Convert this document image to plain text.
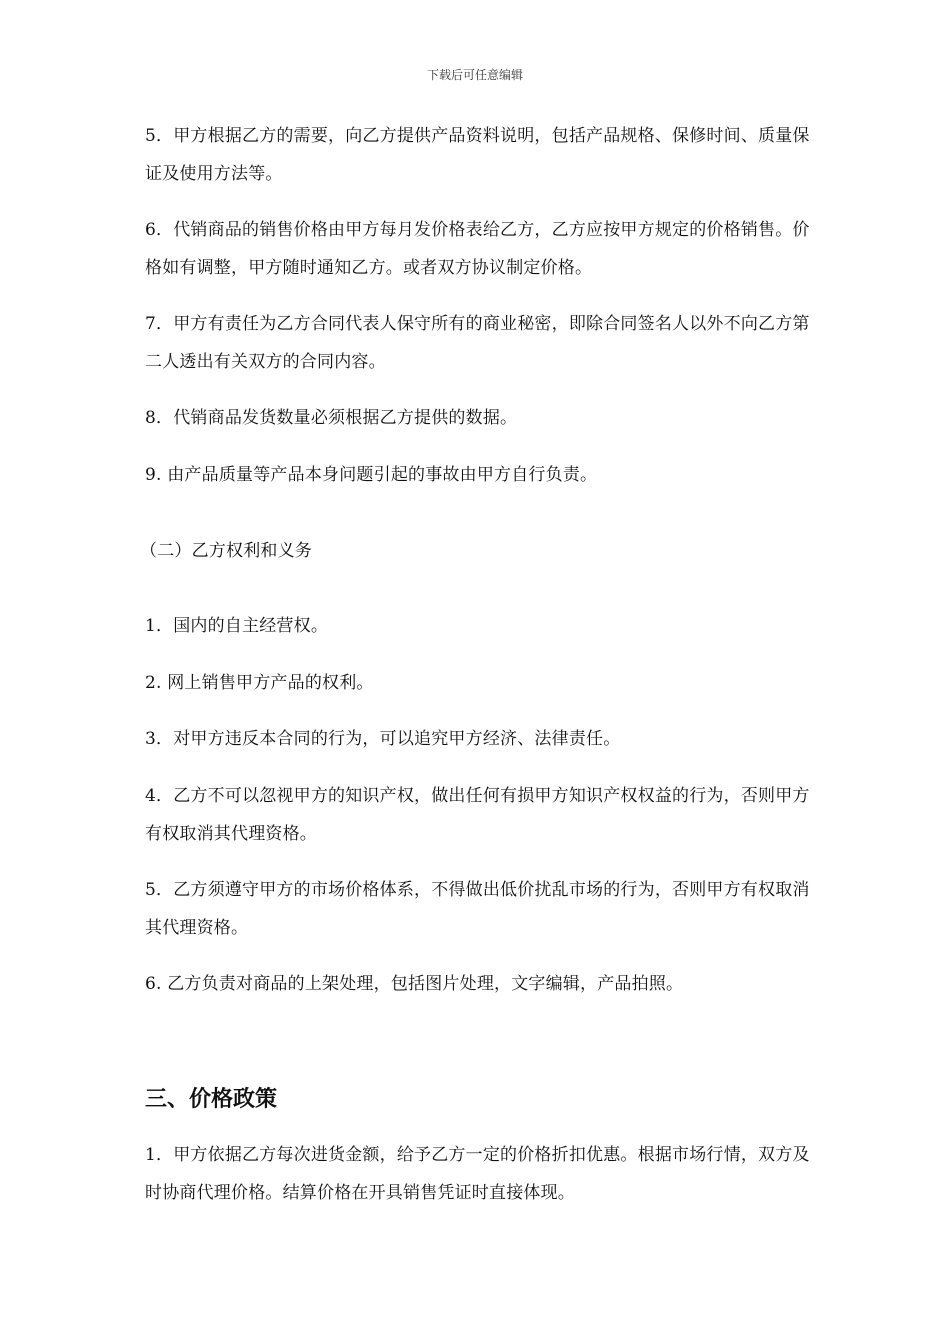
下载后可任意编辑

5．甲方根据乙方的需要，向乙方提供产品资料说明，包括产品规格、保修时间、质量保证及使用方法等。

6．代销商品的销售价格由甲方每月发价格表给乙方，乙方应按甲方规定的价格销售。价格如有调整，甲方随时通知乙方。或者双方协议制定价格。

7．甲方有责任为乙方合同代表人保守所有的商业秘密，即除合同签名人以外不向乙方第二人透出有关双方的合同内容。

8．代销商品发货数量必须根据乙方提供的数据。

9. 由产品质量等产品本身问题引起的事故由甲方自行负责。

（二）乙方权利和义务

1．国内的自主经营权。

2. 网上销售甲方产品的权利。

3．对甲方违反本合同的行为，可以追究甲方经济、法律责任。

4．乙方不可以忽视甲方的知识产权，做出任何有损甲方知识产权权益的行为，否则甲方有权取消其代理资格。

5．乙方须遵守甲方的市场价格体系，不得做出低价扰乱市场的行为，否则甲方有权取消其代理资格。

6. 乙方负责对商品的上架处理，包括图片处理，文字编辑，产品拍照。

三、价格政策

1．甲方依据乙方每次进货金额，给予乙方一定的价格折扣优惠。根据市场行情，双方及时协商代理价格。结算价格在开具销售凭证时直接体现。
